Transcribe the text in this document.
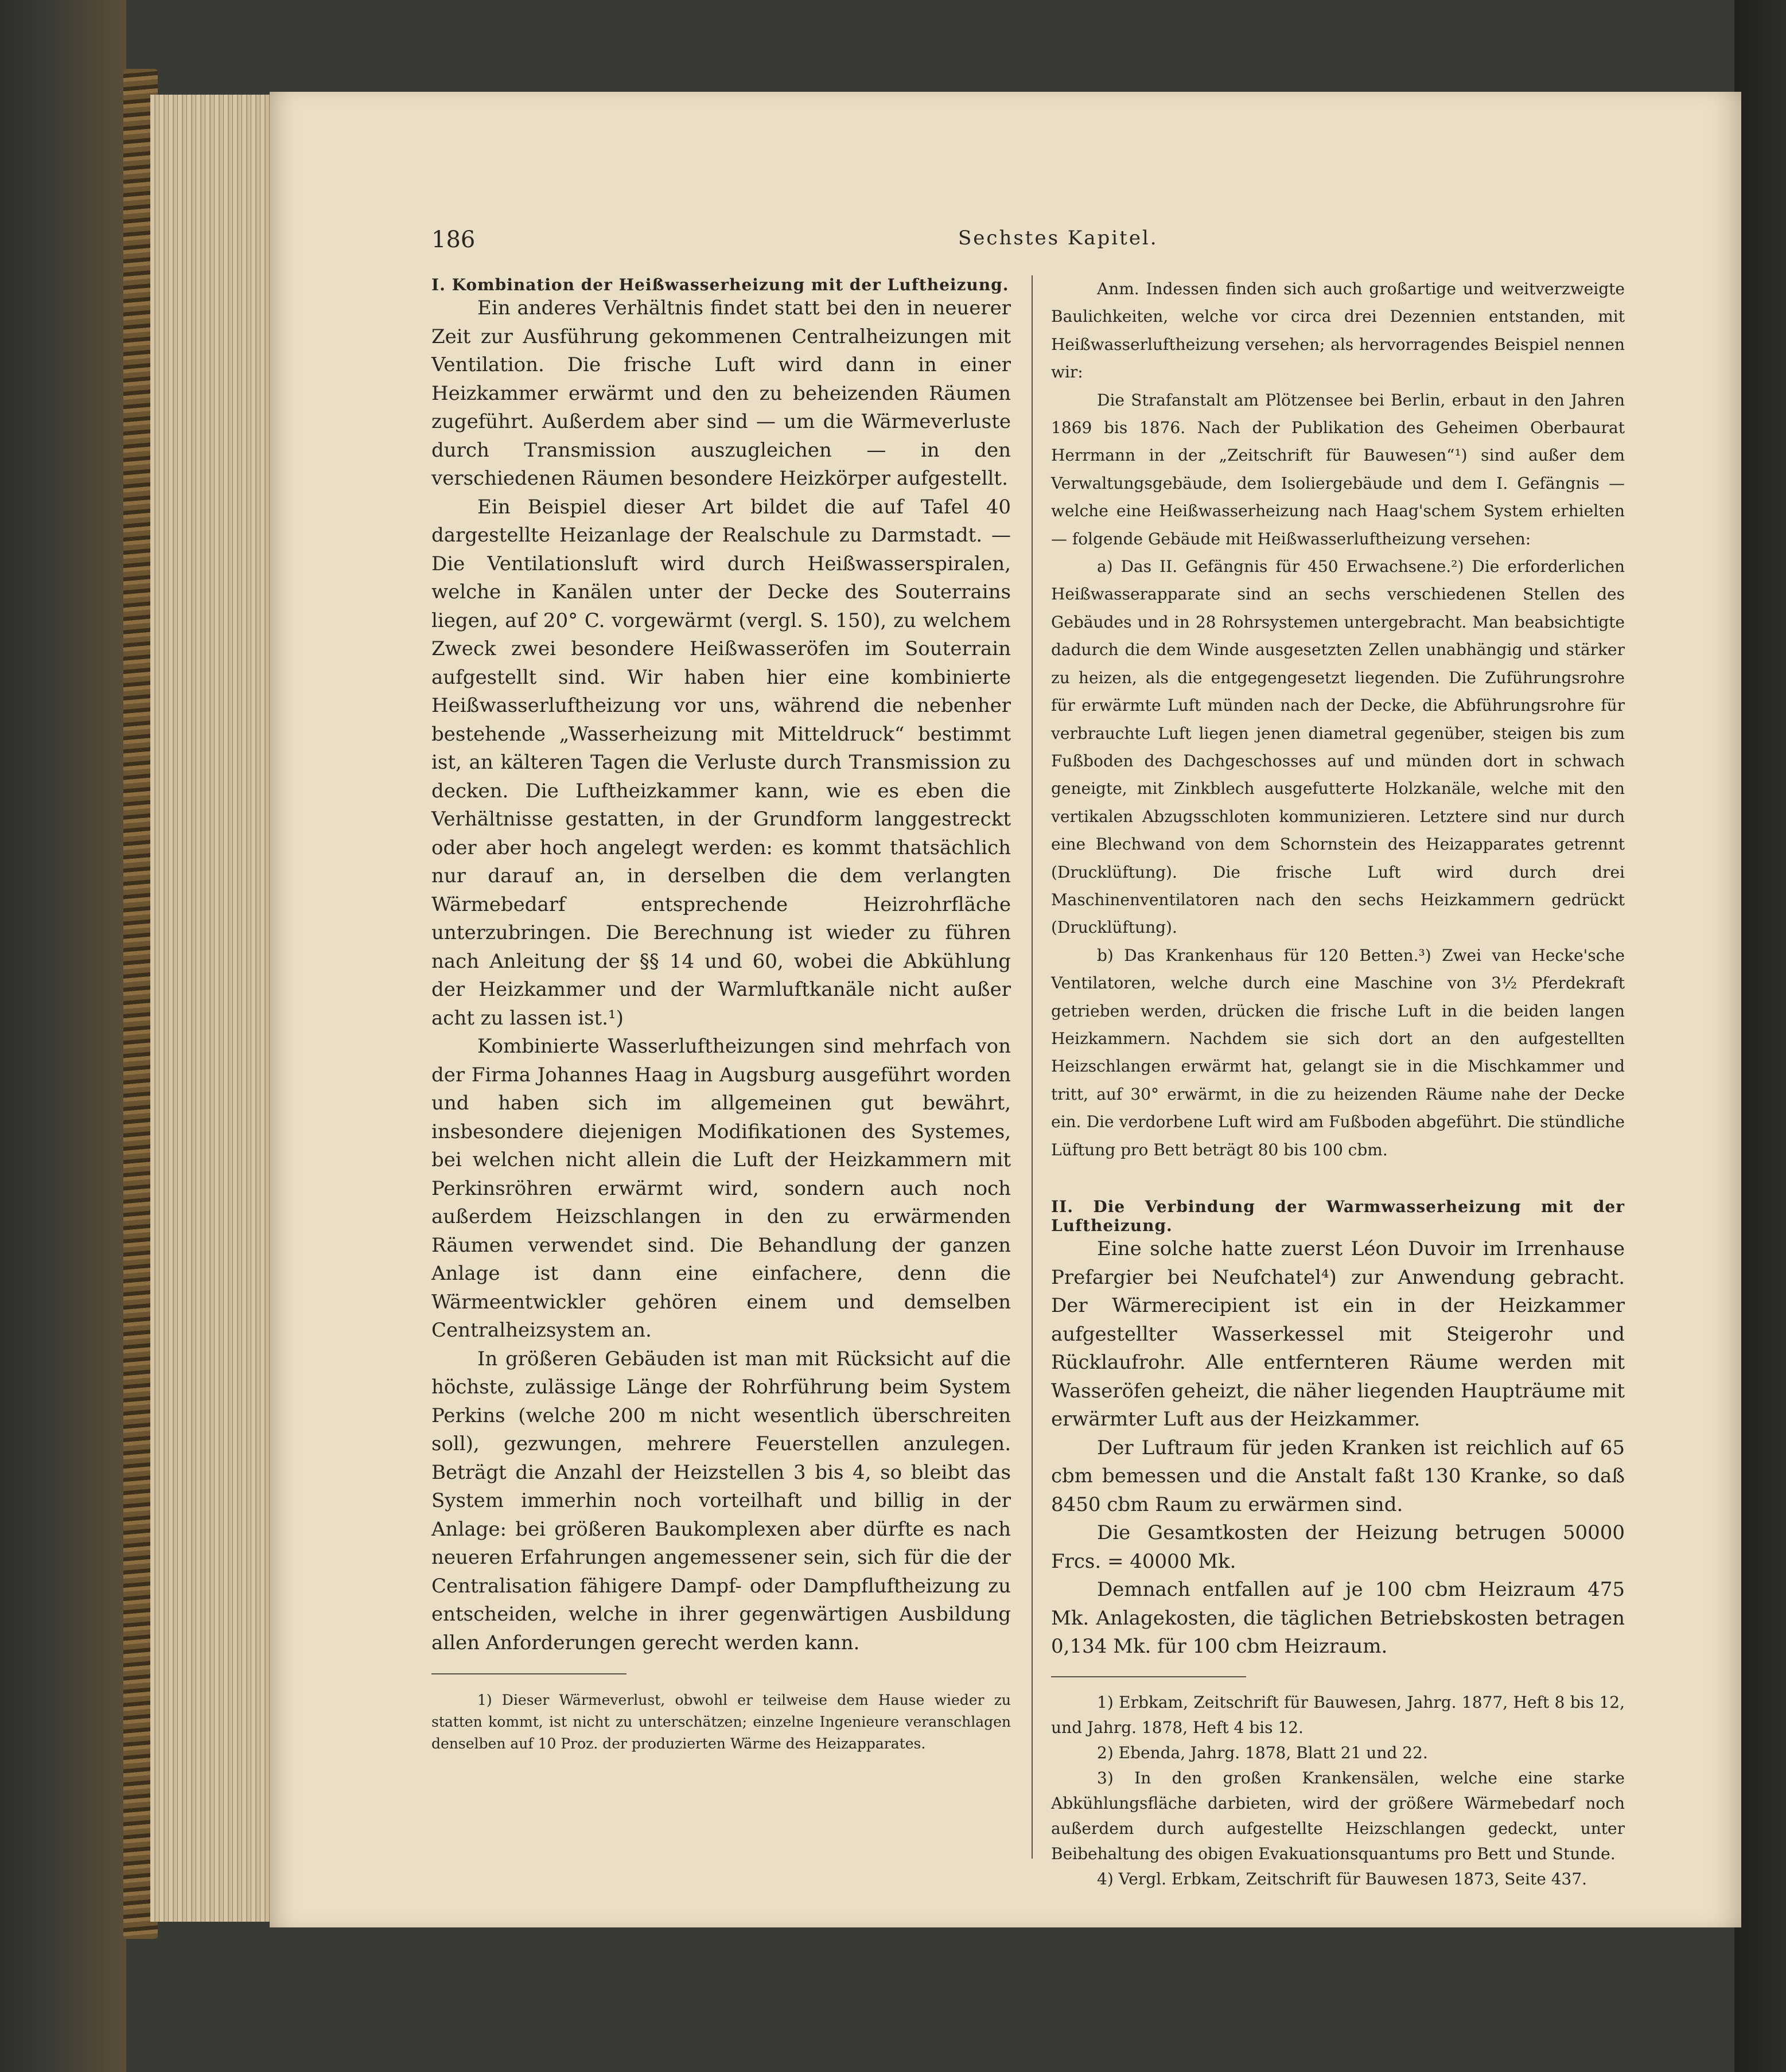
186	Sechstes Kapitel.

I. Kombination der Heißwasserheizung mit der Luftheizung.

Ein anderes Verhältnis findet statt bei den in neuerer Zeit zur Ausführung gekommenen Centralheizungen mit Ventilation. Die frische Luft wird dann in einer Heizkammer erwärmt und den zu beheizenden Räumen zugeführt. Außerdem aber sind — um die Wärmeverluste durch Transmission auszugleichen — in den verschiedenen Räumen besondere Heizkörper aufgestellt.

Ein Beispiel dieser Art bildet die auf Tafel 40 dargestellte Heizanlage der Realschule zu Darmstadt. — Die Ventilationsluft wird durch Heißwasserspiralen, welche in Kanälen unter der Decke des Souterrains liegen, auf 20° C. vorgewärmt (vergl. S. 150), zu welchem Zweck zwei besondere Heißwasseröfen im Souterrain aufgestellt sind. Wir haben hier eine kombinierte Heißwasserluftheizung vor uns, während die nebenher bestehende „Wasserheizung mit Mitteldruck“ bestimmt ist, an kälteren Tagen die Verluste durch Transmission zu decken. Die Luftheizkammer kann, wie es eben die Verhältnisse gestatten, in der Grundform langgestreckt oder aber hoch angelegt werden: es kommt thatsächlich nur darauf an, in derselben die dem verlangten Wärmebedarf entsprechende Heizrohrfläche unterzubringen. Die Berechnung ist wieder zu führen nach Anleitung der §§ 14 und 60, wobei die Abkühlung der Heizkammer und der Warmluftkanäle nicht außer acht zu lassen ist.¹)

Kombinierte Wasserluftheizungen sind mehrfach von der Firma Johannes Haag in Augsburg ausgeführt worden und haben sich im allgemeinen gut bewährt, insbesondere diejenigen Modifikationen des Systemes, bei welchen nicht allein die Luft der Heizkammern mit Perkinsröhren erwärmt wird, sondern auch noch außerdem Heizschlangen in den zu erwärmenden Räumen verwendet sind. Die Behandlung der ganzen Anlage ist dann eine einfachere, denn die Wärmeentwickler gehören einem und demselben Centralheizsystem an.

In größeren Gebäuden ist man mit Rücksicht auf die höchste, zulässige Länge der Rohrführung beim System Perkins (welche 200 m nicht wesentlich überschreiten soll), gezwungen, mehrere Feuerstellen anzulegen. Beträgt die Anzahl der Heizstellen 3 bis 4, so bleibt das System immerhin noch vorteilhaft und billig in der Anlage: bei größeren Baukomplexen aber dürfte es nach neueren Erfahrungen angemessener sein, sich für die der Centralisation fähigere Dampf- oder Dampfluftheizung zu entscheiden, welche in ihrer gegenwärtigen Ausbildung allen Anforderungen gerecht werden kann.

1) Dieser Wärmeverlust, obwohl er teilweise dem Hause wieder zu statten kommt, ist nicht zu unterschätzen; einzelne Ingenieure veranschlagen denselben auf 10 Proz. der produzierten Wärme des Heizapparates.

Anm. Indessen finden sich auch großartige und weitverzweigte Baulichkeiten, welche vor circa drei Dezennien entstanden, mit Heißwasserluftheizung versehen; als hervorragendes Beispiel nennen wir:

Die Strafanstalt am Plötzensee bei Berlin, erbaut in den Jahren 1869 bis 1876. Nach der Publikation des Geheimen Oberbaurat Herrmann in der „Zeitschrift für Bauwesen“¹) sind außer dem Verwaltungsgebäude, dem Isoliergebäude und dem I. Gefängnis — welche eine Heißwasserheizung nach Haag'schem System erhielten — folgende Gebäude mit Heißwasserluftheizung versehen:

a) Das II. Gefängnis für 450 Erwachsene.²) Die erforderlichen Heißwasserapparate sind an sechs verschiedenen Stellen des Gebäudes und in 28 Rohrsystemen untergebracht. Man beabsichtigte dadurch die dem Winde ausgesetzten Zellen unabhängig und stärker zu heizen, als die entgegengesetzt liegenden. Die Zuführungsrohre für erwärmte Luft münden nach der Decke, die Abführungsrohre für verbrauchte Luft liegen jenen diametral gegenüber, steigen bis zum Fußboden des Dachgeschosses auf und münden dort in schwach geneigte, mit Zinkblech ausgefutterte Holzkanäle, welche mit den vertikalen Abzugsschloten kommunizieren. Letztere sind nur durch eine Blechwand von dem Schornstein des Heizapparates getrennt (Drucklüftung). Die frische Luft wird durch drei Maschinenventilatoren nach den sechs Heizkammern gedrückt (Drucklüftung).

b) Das Krankenhaus für 120 Betten.³) Zwei van Hecke'sche Ventilatoren, welche durch eine Maschine von 3½ Pferdekraft getrieben werden, drücken die frische Luft in die beiden langen Heizkammern. Nachdem sie sich dort an den aufgestellten Heizschlangen erwärmt hat, gelangt sie in die Mischkammer und tritt, auf 30° erwärmt, in die zu heizenden Räume nahe der Decke ein. Die verdorbene Luft wird am Fußboden abgeführt. Die stündliche Lüftung pro Bett beträgt 80 bis 100 cbm.

II. Die Verbindung der Warmwasserheizung mit der Luftheizung.

Eine solche hatte zuerst Léon Duvoir im Irrenhause Prefargier bei Neufchatel⁴) zur Anwendung gebracht. Der Wärmerecipient ist ein in der Heizkammer aufgestellter Wasserkessel mit Steigerohr und Rücklaufrohr. Alle entfernteren Räume werden mit Wasseröfen geheizt, die näher liegenden Haupträume mit erwärmter Luft aus der Heizkammer.

Der Luftraum für jeden Kranken ist reichlich auf 65 cbm bemessen und die Anstalt faßt 130 Kranke, so daß 8450 cbm Raum zu erwärmen sind.

Die Gesamtkosten der Heizung betrugen 50000 Frcs. = 40000 Mk.

Demnach entfallen auf je 100 cbm Heizraum 475 Mk. Anlagekosten, die täglichen Betriebskosten betragen 0,134 Mk. für 100 cbm Heizraum.

1) Erbkam, Zeitschrift für Bauwesen, Jahrg. 1877, Heft 8 bis 12, und Jahrg. 1878, Heft 4 bis 12.

2) Ebenda, Jahrg. 1878, Blatt 21 und 22.

3) In den großen Krankensälen, welche eine starke Abkühlungsfläche darbieten, wird der größere Wärmebedarf noch außerdem durch aufgestellte Heizschlangen gedeckt, unter Beibehaltung des obigen Evakuationsquantums pro Bett und Stunde.

4) Vergl. Erbkam, Zeitschrift für Bauwesen 1873, Seite 437.
